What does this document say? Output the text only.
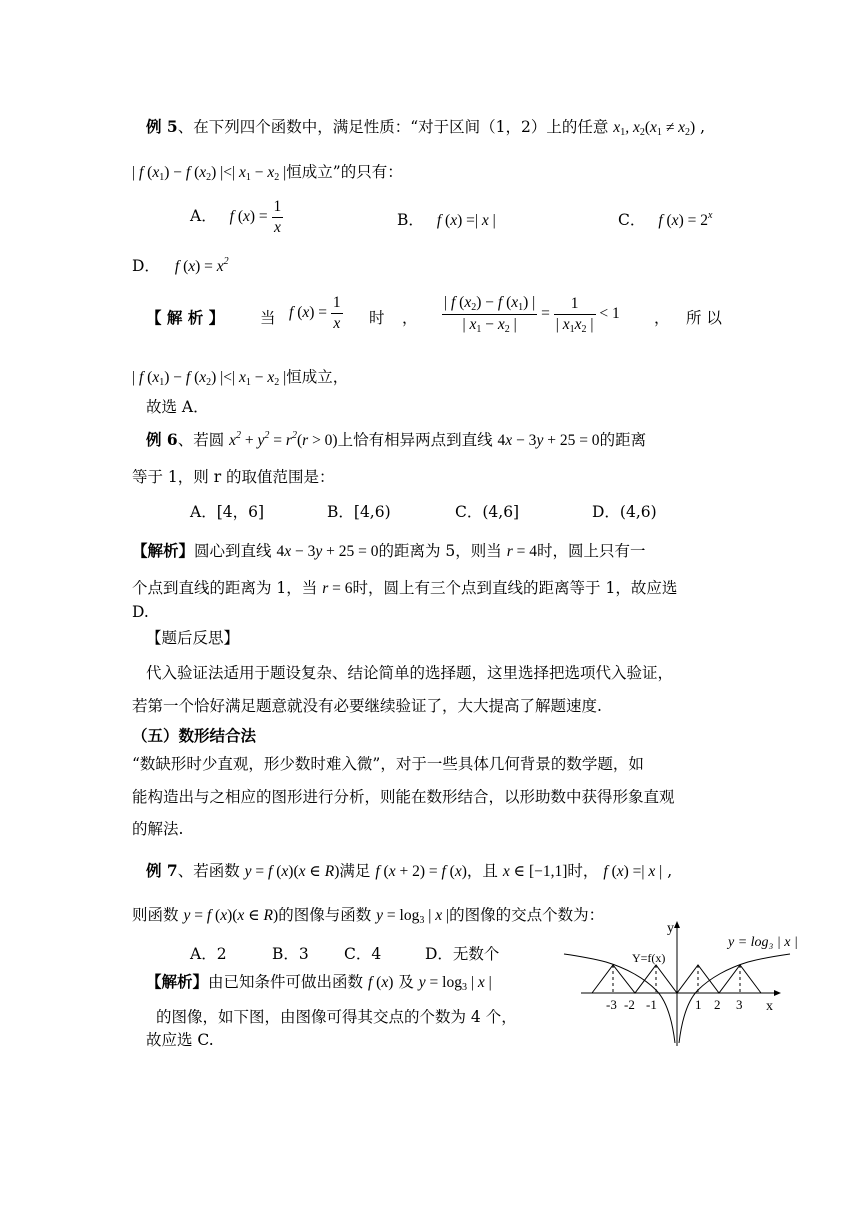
例 5、在下列四个函数中，满足性质：“对于区间（1，2）上的任意 $x_1$, $x_2(x_1 \ne x_2)$ ,
| f $(x_1) - f$ $(x_2)$ |<| $x_1 - x_2$ |恒成立”的只有：
A． f $(x) = \frac{1}{x}$	B． f (x) =| x |	C． f $(x) = 2^x$
D． f $(x) = x^2$
【 解 析 】 当 f $(x) = \frac{1}{x}$ 时 ， $\frac{| f (x_2) - f (x_1) |}{| x_1 - x_2 |} = \frac{1}{| x_1x_2 |} < 1$ ， 所 以
| f $(x_1) - f$ $(x_2)$ |<| $x_1 - x_2$ |恒成立，
故选 A．
例 6、若圆 $x^2 + y^2 = r^2(r > 0)$上恰有相异两点到直线 4x − 3y + 25 = 0的距离
等于 1，则 r 的取值范围是：
A．[4，6]	B．[4,6)	C．(4,6]	D．(4,6)
【解析】圆心到直线 4x − 3y + 25 = 0的距离为 5，则当 r = 4时，圆上只有一
个点到直线的距离为 1，当 r = 6时，圆上有三个点到直线的距离等于 1，故应选
D.
【题后反思】
代入验证法适用于题设复杂、结论简单的选择题，这里选择把选项代入验证，
若第一个恰好满足题意就没有必要继续验证了，大大提高了解题速度.
（五）数形结合法
“数缺形时少直观，形少数时难入微”，对于一些具体几何背景的数学题，如
能构造出与之相应的图形进行分析，则能在数形结合，以形助数中获得形象直观
的解法.
例 7、若函数 y = f (x)(x ∈ R)满足 f (x + 2) = f (x)，且 x ∈ [−1,1]时， f (x) =| x | ,
则函数 y = f (x)(x ∈ R)的图像与函数 $y = \log_3$ | x |的图像的交点个数为：
A．2	B．3 C．4	D．无数个
【解析】由已知条件可做出函数 f (x) 及 $y = \log_3$ | x |
的图像，如下图，由图像可得其交点的个数为 4 个，
故应选 C.
y
x
Y=f(x)
y = log₃ | x |
-3 -2 -1	1 2 3
